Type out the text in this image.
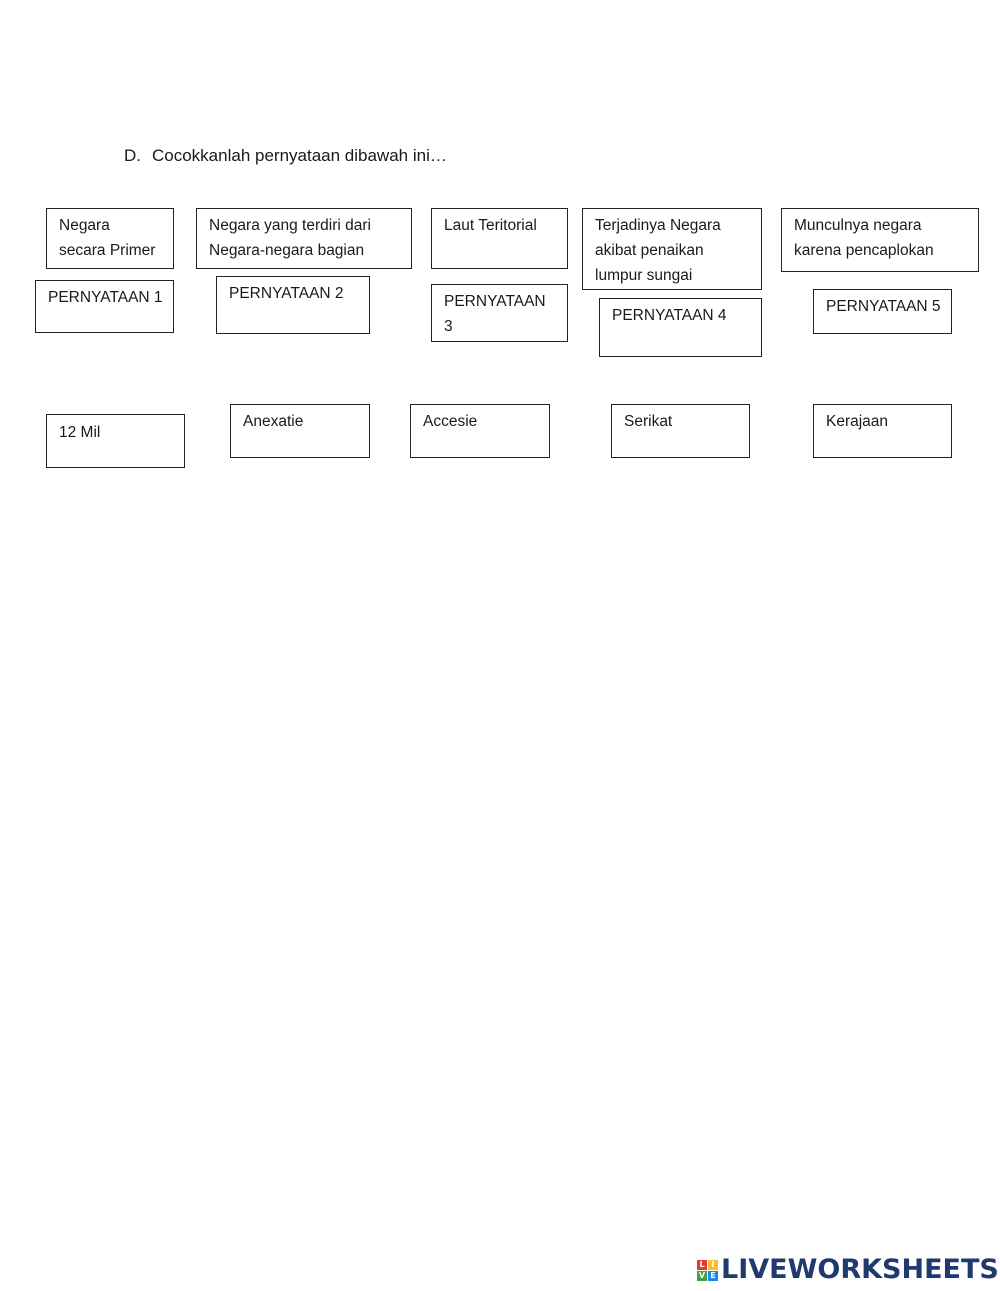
D. Cocokkanlah pernyataan dibawah ini…
Negara
secara Primer
Negara yang terdiri dari
Negara-negara bagian
Laut Teritorial	Terjadinya Negara
akibat penaikan
lumpur sungai
Munculnya negara
karena pencaplokan
PERNYATAAN 1	PERNYATAAN 2	PERNYATAAN
3
PERNYATAAN 4
PERNYATAAN 5
12 Mil
Anexatie	Accesie	Serikat	Kerajaan
L I
V E LIVEWORKSHEETS
